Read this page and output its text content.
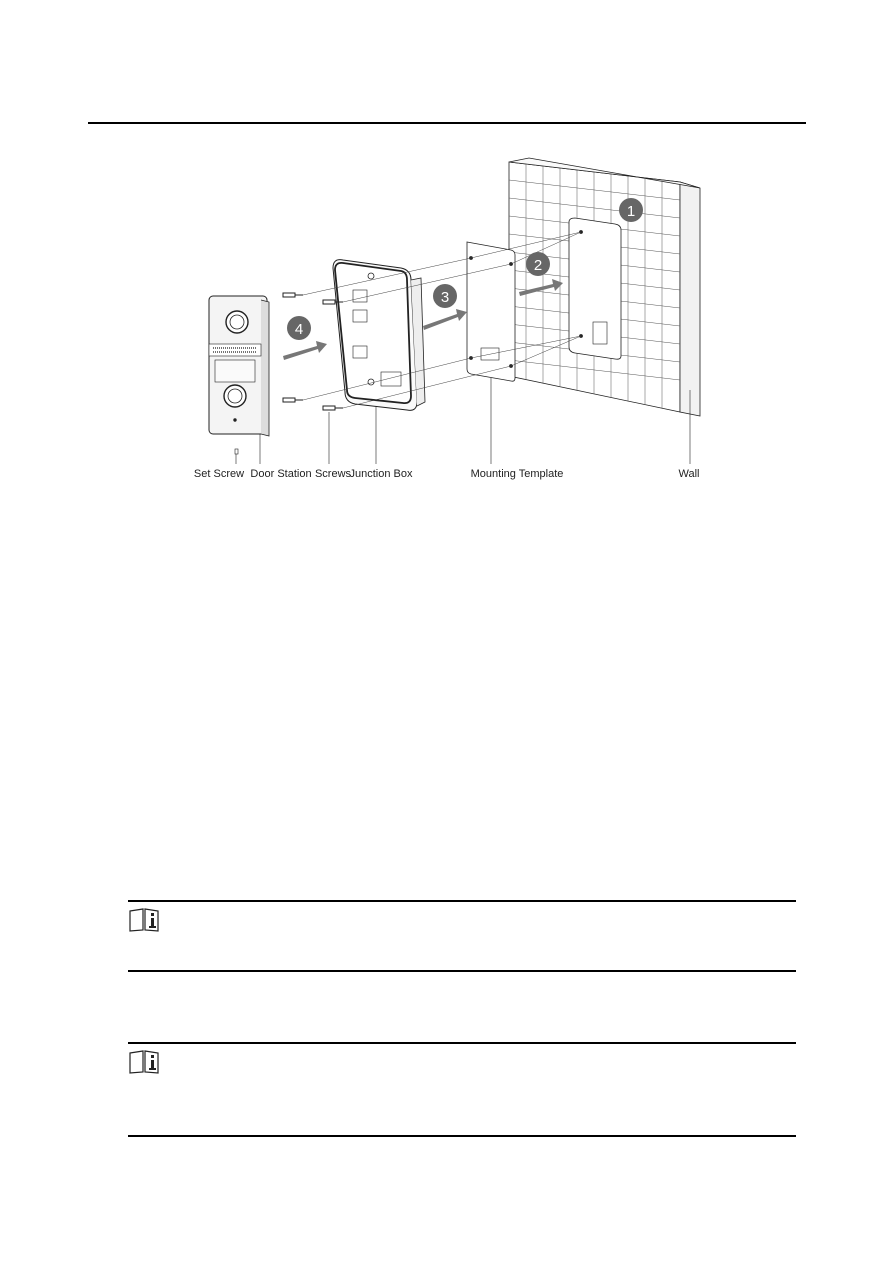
1
2
3
4
Set Screw Door Station Screws
Junction Box	Mounting Template	Wall
